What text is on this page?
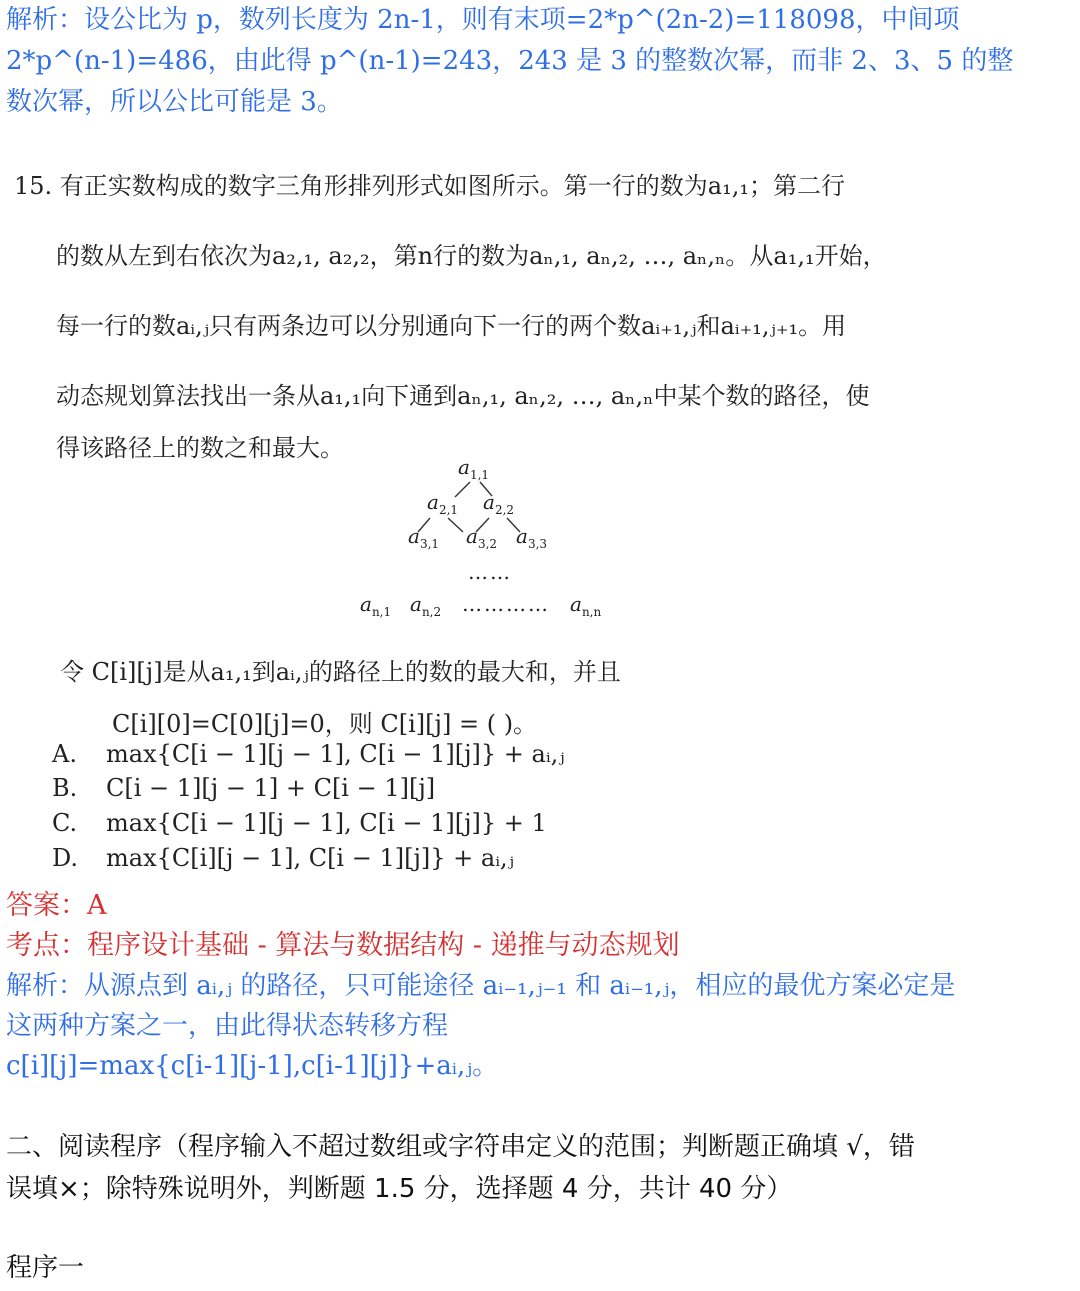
解析：设公比为 p，数列长度为 2n-1，则有末项=2*p^(2n-2)=118098，中间项
2*p^(n-1)=486，由此得 p^(n-1)=243，243 是 3 的整数次幂，而非 2、3、5 的整
数次幂，所以公比可能是 3。
15. 有正实数构成的数字三角形排列形式如图所示。第一行的数为a₁,₁；第二行
的数从左到右依次为a₂,₁, a₂,₂，第n行的数为aₙ,₁, aₙ,₂, …, aₙ,ₙ。从a₁,₁开始，
每一行的数aᵢ,ⱼ只有两条边可以分别通向下一行的两个数aᵢ₊₁,ⱼ和aᵢ₊₁,ⱼ₊₁。用
动态规划算法找出一条从a₁,₁向下通到aₙ,₁, aₙ,₂, …, aₙ,ₙ中某个数的路径，使
得该路径上的数之和最大。
$a_{1,1}$
$a_{2,1}$ $a_{2,2}$
$a_{3,1}$ $a_{3,2}$ $a_{3,3}$
……
$a_{n,1}$ $a_{n,2}$ ………… $a_{n,n}$
令 C[i][j]是从a₁,₁到aᵢ,ⱼ的路径上的数的最大和，并且
C[i][0]=C[0][j]=0，则 C[i][j] = ( )。
A. max{C[i − 1][j − 1], C[i − 1][j]} + aᵢ,ⱼ
B. C[i − 1][j − 1] + C[i − 1][j]
C. max{C[i − 1][j − 1], C[i − 1][j]} + 1
D. max{C[i][j − 1], C[i − 1][j]} + aᵢ,ⱼ
答案：A
考点：程序设计基础 - 算法与数据结构 - 递推与动态规划
解析：从源点到 aᵢ,ⱼ 的路径，只可能途径 aᵢ₋₁,ⱼ₋₁ 和 aᵢ₋₁,ⱼ，相应的最优方案必定是
这两种方案之一，由此得状态转移方程
c[i][j]=max{c[i-1][j-1],c[i-1][j]}+aᵢ,ⱼ。
二、阅读程序（程序输入不超过数组或字符串定义的范围；判断题正确填 √，错
误填×；除特殊说明外，判断题 1.5 分，选择题 4 分，共计 40 分）
程序一
